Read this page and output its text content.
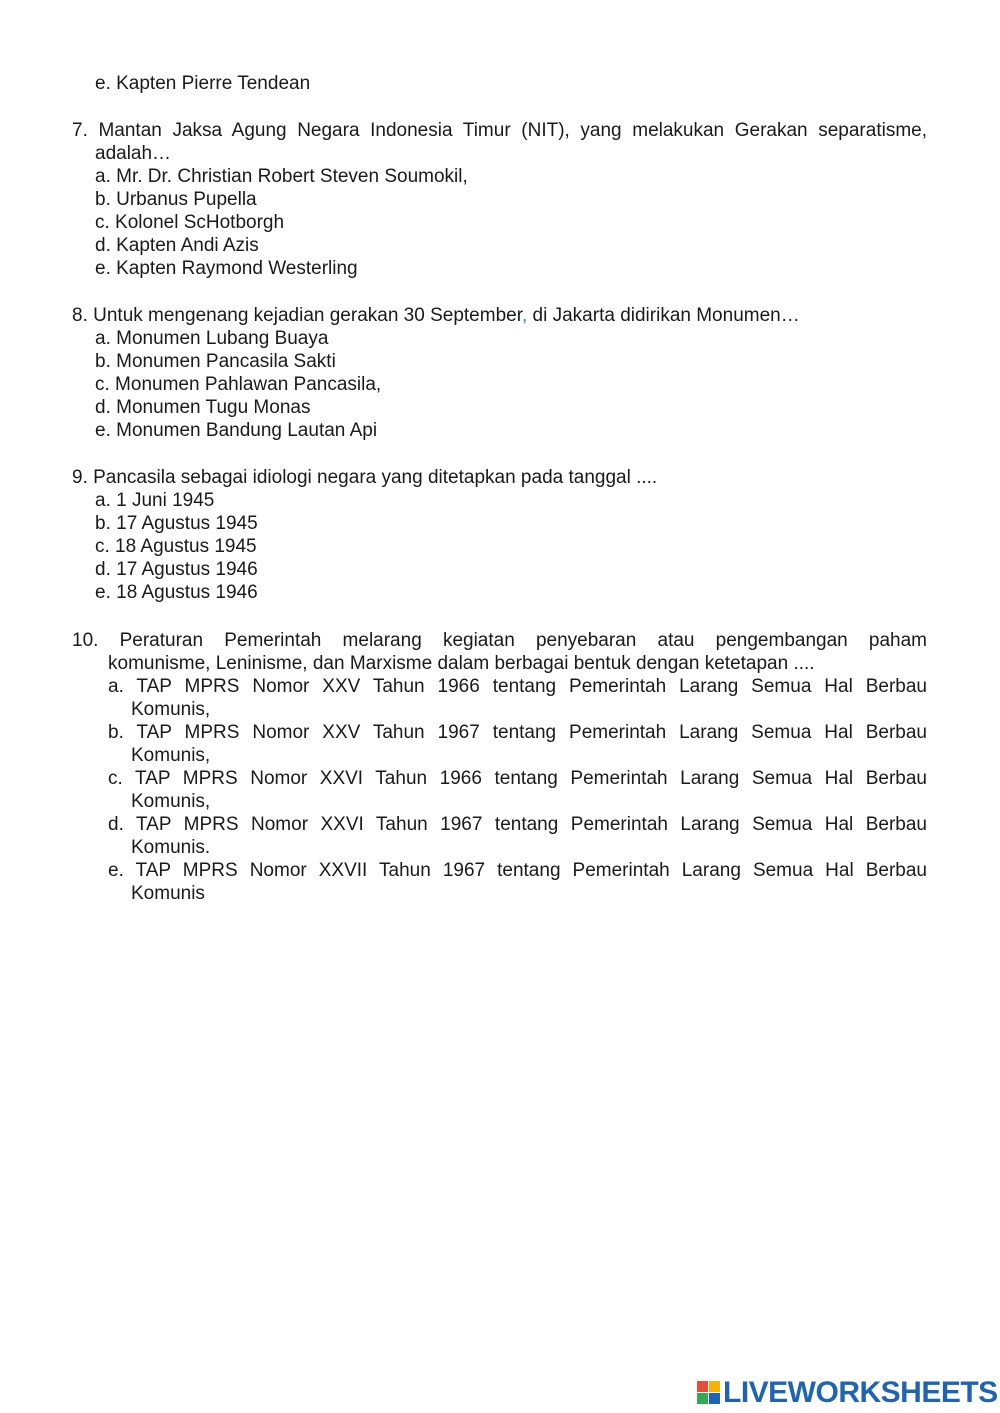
e. Kapten Pierre Tendean
7. Mantan Jaksa Agung Negara Indonesia Timur (NIT), yang melakukan Gerakan separatisme,
adalah…
a. Mr. Dr. Christian Robert Steven Soumokil,
b. Urbanus Pupella
c. Kolonel ScHotborgh
d. Kapten Andi Azis
e. Kapten Raymond Westerling
8. Untuk mengenang kejadian gerakan 30 September, di Jakarta didirikan Monumen…
a. Monumen Lubang Buaya
b. Monumen Pancasila Sakti
c. Monumen Pahlawan Pancasila,
d. Monumen Tugu Monas
e. Monumen Bandung Lautan Api
9. Pancasila sebagai idiologi negara yang ditetapkan pada tanggal ....
a. 1 Juni 1945
b. 17 Agustus 1945
c. 18 Agustus 1945
d. 17 Agustus 1946
e. 18 Agustus 1946
10. Peraturan Pemerintah melarang kegiatan penyebaran atau pengembangan paham
komunisme, Leninisme, dan Marxisme dalam berbagai bentuk dengan ketetapan ....
a. TAP MPRS Nomor XXV Tahun 1966 tentang Pemerintah Larang Semua Hal Berbau
Komunis,
b. TAP MPRS Nomor XXV Tahun 1967 tentang Pemerintah Larang Semua Hal Berbau
Komunis,
c. TAP MPRS Nomor XXVI Tahun 1966 tentang Pemerintah Larang Semua Hal Berbau
Komunis,
d. TAP MPRS Nomor XXVI Tahun 1967 tentang Pemerintah Larang Semua Hal Berbau
Komunis.
e. TAP MPRS Nomor XXVII Tahun 1967 tentang Pemerintah Larang Semua Hal Berbau
Komunis
LIVEWORKSHEETS
